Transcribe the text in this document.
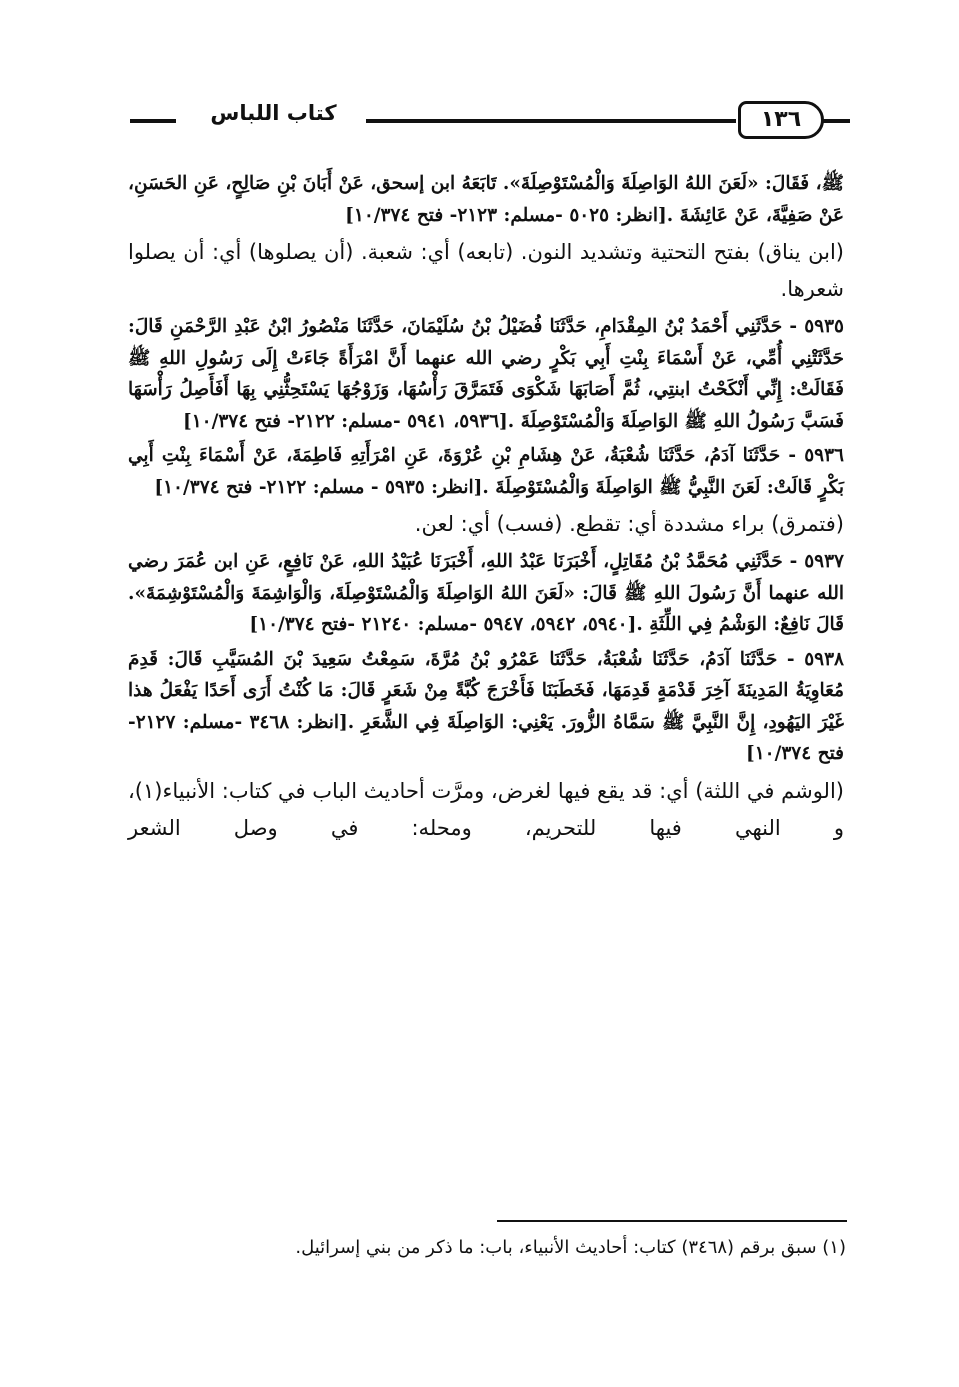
كتاب اللباس	١٣٦

ﷺ، فَقَالَ: «لَعَنَ اللهُ الوَاصِلَةَ وَالْمُسْتَوْصِلَةَ». تَابَعَهُ ابن إسحق، عَنْ أَبَانَ بْنِ صَالِحٍ، عَنِ الحَسَنِ، عَنْ صَفِيَّةَ، عَنْ عَائِشَةَ .[انظر: ٥٠٢٥ -مسلم: ٢١٢٣- فتح ١٠/٣٧٤]

(ابن يناق) بفتح التحتية وتشديد النون. (تابعه) أي: شعبة. (أن يصلوها) أي: أن يصلوا شعرها.

٥٩٣٥ - حَدَّثَنِي أَحْمَدُ بْنُ المِقْدَامِ، حَدَّثَنَا فُضَيْلُ بْنُ سُلَيْمَانَ، حَدَّثَنَا مَنْصُورُ ابْنُ عَبْدِ الرَّحْمَنِ قَالَ: حَدَّثَتْنِي أُمِّي، عَنْ أَسْمَاءَ بِنْتِ أَبِي بَكْرٍ رضي الله عنهما أَنَّ امْرَأَةً جَاءَتْ إِلَى رَسُولِ اللهِ ﷺ فَقَالَتْ: إِنِّي أَنْكَحْتُ ابنتِي، ثُمَّ أَصَابَهَا شَكْوَى فَتَمَرَّقَ رَأْسُهَا، وَزَوْجُهَا يَسْتَحِثُّنِي بِهَا أَفَأَصِلُ رَأْسَهَا فَسَبَّ رَسُولُ اللهِ ﷺ الوَاصِلَةَ وَالْمُسْتَوْصِلَةَ .[٥٩٣٦، ٥٩٤١ -مسلم: ٢١٢٢- فتح ١٠/٣٧٤]

٥٩٣٦ - حَدَّثَنَا آدَمُ، حَدَّثَنَا شُعْبَةُ، عَنْ هِشَامِ بْنِ عُرْوَةَ، عَنِ امْرَأَتِهِ فَاطِمَةَ، عَنْ أَسْمَاءَ بِنْتِ أَبِي بَكْرٍ قَالَتْ: لَعَنَ النَّبِيُّ ﷺ الوَاصِلَةَ وَالْمُسْتَوْصِلَةَ .[انظر: ٥٩٣٥ - مسلم: ٢١٢٢- فتح ١٠/٣٧٤]

(فتمرق) براء مشددة أي: تقطع. (فسب) أي: لعن.

٥٩٣٧ - حَدَّثَنِي مُحَمَّدُ بْنُ مُقَاتِلٍ، أَخْبَرَنَا عَبْدُ اللهِ، أَخْبَرَنَا عُبَيْدُ اللهِ، عَنْ نَافِعٍ، عَنِ ابن عُمَرَ رضي الله عنهما أَنَّ رَسُولَ اللهِ ﷺ قَالَ: «لَعَنَ اللهُ الوَاصِلَةَ وَالْمُسْتَوْصِلَةَ، وَالْوَاشِمَةَ وَالْمُسْتَوْشِمَةَ». قَالَ نَافِعٌ: الوَشْمُ فِي اللِّثَةِ .[٥٩٤٠، ٥٩٤٢، ٥٩٤٧ -مسلم: ٢١٢٤٠ -فتح ١٠/٣٧٤]

٥٩٣٨ - حَدَّثَنَا آدَمُ، حَدَّثَنَا شُعْبَةُ، حَدَّثَنَا عَمْرُو بْنُ مُرَّةَ، سَمِعْتُ سَعِيدَ بْنَ المُسَيَّبِ قَالَ: قَدِمَ مُعَاوِيَةُ المَدِينَةَ آخِرَ قَدْمَةٍ قَدِمَهَا، فَخَطَبَنَا فَأَخْرَجَ كُبَّةً مِنْ شَعَرٍ قَالَ: مَا كُنْتُ أَرَى أَحَدًا يَفْعَلُ هذا غَيْرَ اليَهُودِ، إِنَّ النَّبِيَّ ﷺ سَمَّاهُ الزُّورَ. يَعْنِي: الوَاصِلَةَ فِي الشَّعَرِ .[انظر: ٣٤٦٨ -مسلم: ٢١٢٧- فتح ١٠/٣٧٤]

(الوشم في اللثة) أي: قد يقع فيها لغرض، ومرَّت أحاديث الباب في كتاب: الأنبياء(١)، و النهي فيها للتحريم، ومحله: في وصل الشعر

(١) سبق برقم (٣٤٦٨) كتاب: أحاديث الأنبياء، باب: ما ذكر من بني إسرائيل.
